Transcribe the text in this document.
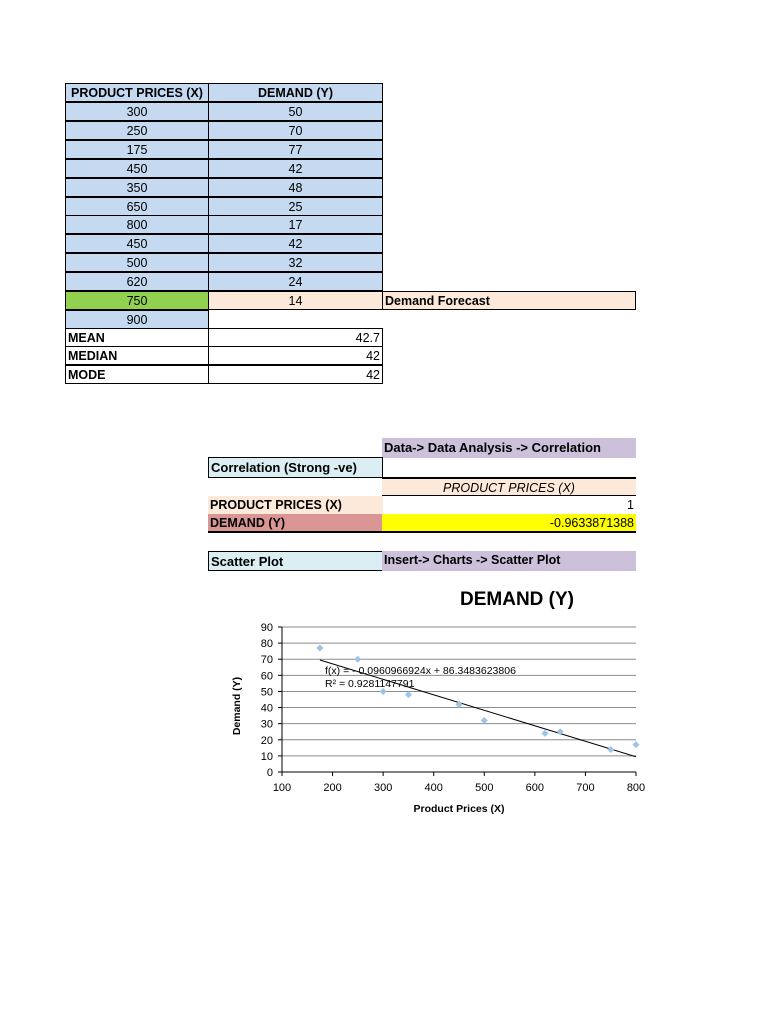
PRODUCT PRICES (X)	DEMAND (Y)
300	50
250	70
175	77
450	42
350	48
650	25
800	17
450	42
500	32
620	24
750	14	Demand Forecast
900
MEAN	42.7
MEDIAN	42
MODE	42
Data-> Data Analysis -> Correlation
Correlation (Strong -ve)
PRODUCT PRICES (X)
PRODUCT PRICES (X)	1
DEMAND (Y)	-0.9633871388
Scatter Plot	Insert-> Charts -> Scatter Plot
DEMAND (Y)
0
10
20
30
40
50
60
70
80
90
100	200	300	400	500	600	700	800
Product Prices (X)
Demand (Y)
f(x) = - 0.0960966924x + 86.3483623806
R² = 0.9281147791
